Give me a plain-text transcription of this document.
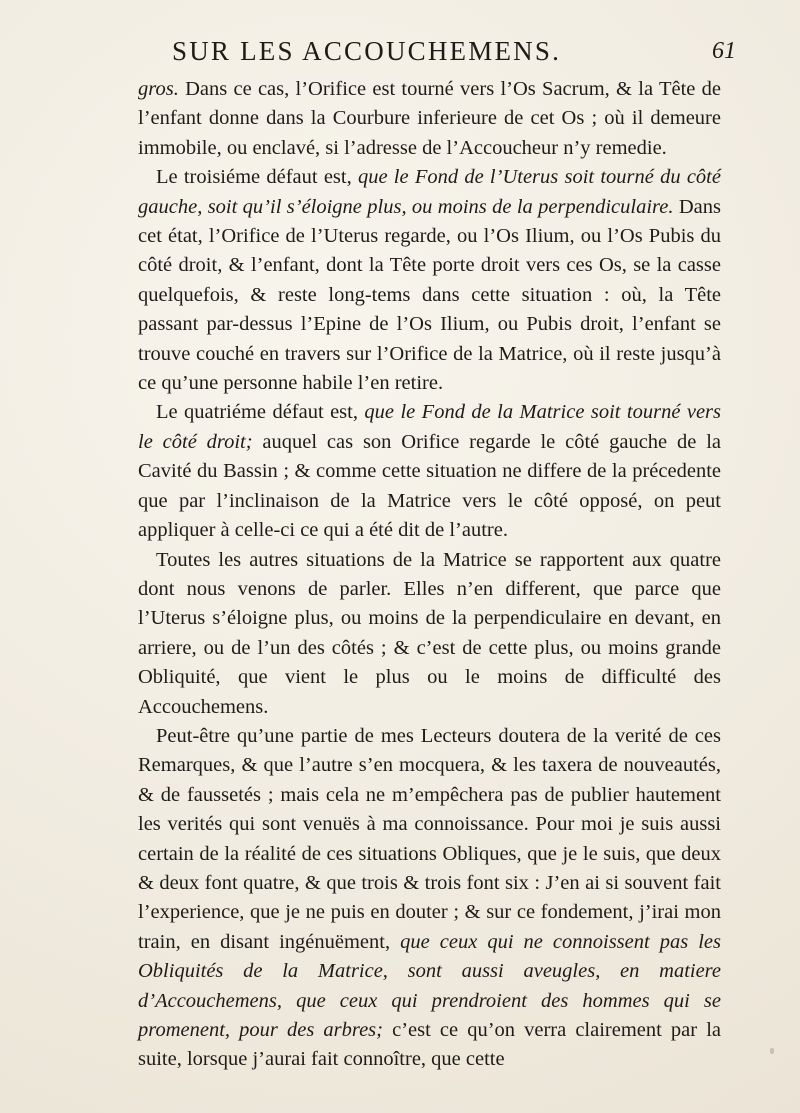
SUR LES ACCOUCHEMENS.	61

gros. Dans ce cas, l’Orifice est tourné vers l’Os Sacrum, & la Tête de l’enfant donne dans la Courbure inferieure de cet Os ; où il demeure immobile, ou enclavé, si l’adresse de l’Accoucheur n’y remedie.

Le troisiéme défaut est, que le Fond de l’Uterus soit tourné du côté gauche, soit qu’il s’éloigne plus, ou moins de la perpendiculaire. Dans cet état, l’Orifice de l’Uterus regarde, ou l’Os Ilium, ou l’Os Pubis du côté droit, & l’enfant, dont la Tête porte droit vers ces Os, se la casse quelquefois, & reste long-tems dans cette situation : où, la Tête passant par-dessus l’Epine de l’Os Ilium, ou Pubis droit, l’enfant se trouve couché en travers sur l’Orifice de la Matrice, où il reste jusqu’à ce qu’une personne habile l’en retire.

Le quatriéme défaut est, que le Fond de la Matrice soit tourné vers le côté droit; auquel cas son Orifice regarde le côté gauche de la Cavité du Bassin ; & comme cette situation ne differe de la précedente que par l’inclinaison de la Matrice vers le côté opposé, on peut appliquer à celle-ci ce qui a été dit de l’autre.

Toutes les autres situations de la Matrice se rapportent aux quatre dont nous venons de parler. Elles n’en different, que parce que l’Uterus s’éloigne plus, ou moins de la perpendiculaire en devant, en arriere, ou de l’un des côtés ; & c’est de cette plus, ou moins grande Obliquité, que vient le plus ou le moins de difficulté des Accouchemens.

Peut-être qu’une partie de mes Lecteurs doutera de la verité de ces Remarques, & que l’autre s’en mocquera, & les taxera de nouveautés, & de faussetés ; mais cela ne m’empêchera pas de publier hautement les verités qui sont venuës à ma connoissance. Pour moi je suis aussi certain de la réalité de ces situations Obliques, que je le suis, que deux & deux font quatre, & que trois & trois font six : J’en ai si souvent fait l’experience, que je ne puis en douter ; & sur ce fondement, j’irai mon train, en disant ingénuëment, que ceux qui ne connoissent pas les Obliquités de la Matrice, sont aussi aveugles, en matiere d’Accouchemens, que ceux qui prendroient des hommes qui se promenent, pour des arbres; c’est ce qu’on verra clairement par la suite, lorsque j’aurai fait connoître, que cette
